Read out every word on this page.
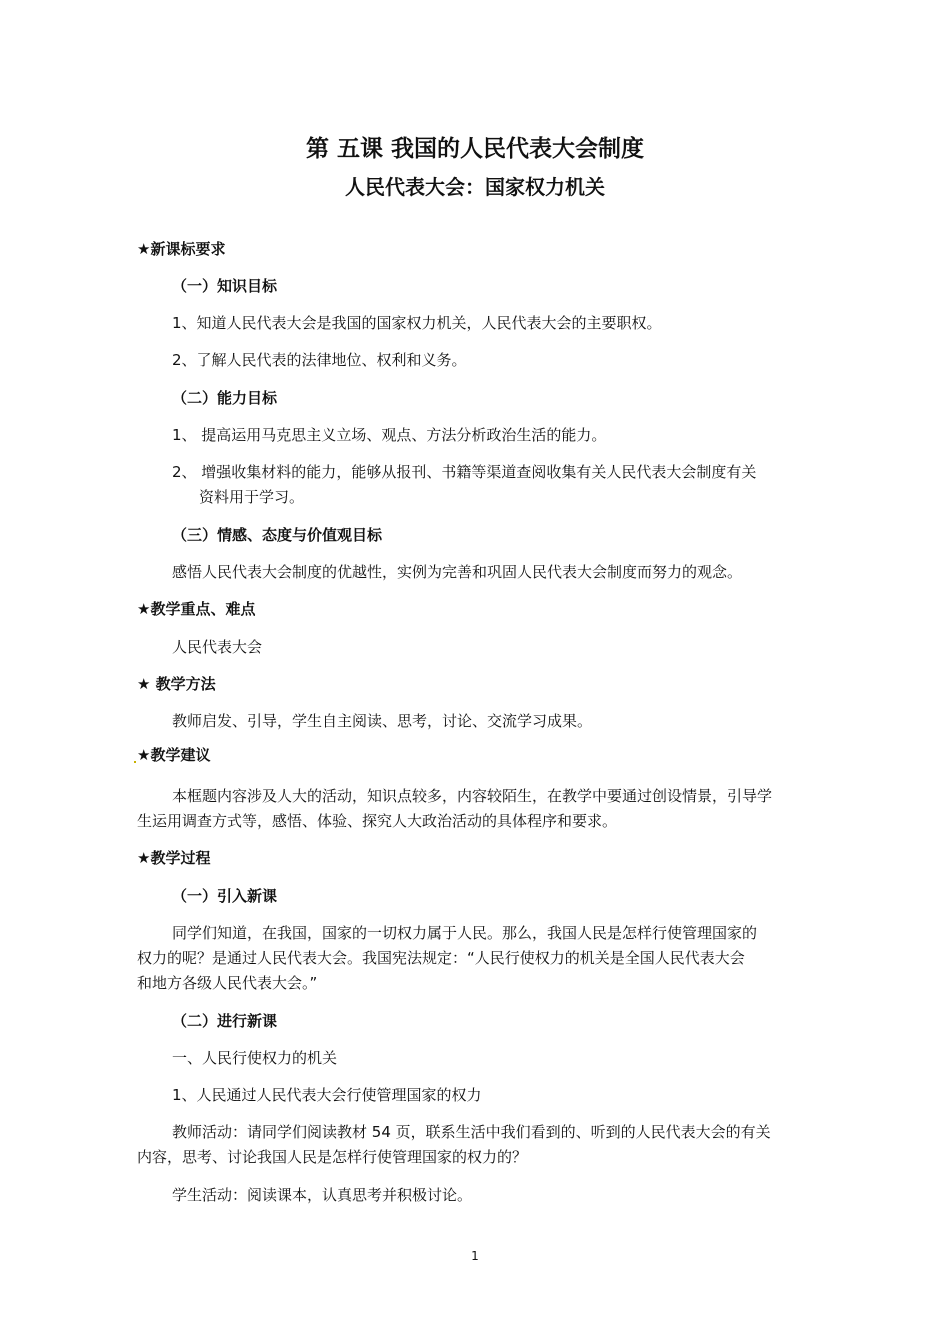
第 五课 我国的人民代表大会制度
人民代表大会：国家权力机关

★新课标要求

（一）知识目标

1、知道人民代表大会是我国的国家权力机关，人民代表大会的主要职权。

2、了解人民代表的法律地位、权利和义务。

（二）能力目标

1、 提高运用马克思主义立场、观点、方法分析政治生活的能力。

2、 增强收集材料的能力，能够从报刊、书籍等渠道查阅收集有关人民代表大会制度有关

资料用于学习。

（三）情感、态度与价值观目标

感悟人民代表大会制度的优越性，实例为完善和巩固人民代表大会制度而努力的观念。

★教学重点、难点

人民代表大会

★ 教学方法

教师启发、引导，学生自主阅读、思考，讨论、交流学习成果。

★教学建议

本框题内容涉及人大的活动，知识点较多，内容较陌生，在教学中要通过创设情景，引导学

生运用调查方式等，感悟、体验、探究人大政治活动的具体程序和要求。

★教学过程

（一）引入新课

同学们知道，在我国，国家的一切权力属于人民。那么，我国人民是怎样行使管理国家的

权力的呢？是通过人民代表大会。我国宪法规定：“人民行使权力的机关是全国人民代表大会

和地方各级人民代表大会。”

（二）进行新课

一、人民行使权力的机关

1、人民通过人民代表大会行使管理国家的权力

教师活动：请同学们阅读教材 54 页，联系生活中我们看到的、听到的人民代表大会的有关

内容，思考、讨论我国人民是怎样行使管理国家的权力的？

学生活动：阅读课本，认真思考并积极讨论。

1
